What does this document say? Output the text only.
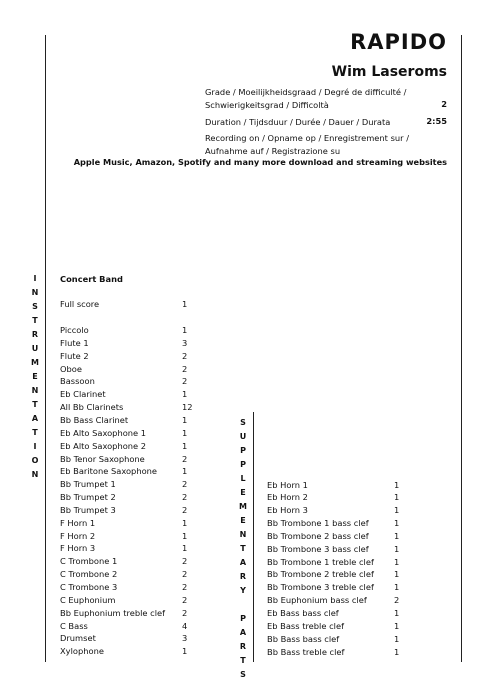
RAPIDO
Wim Laseroms
Grade / Moeilijkheidsgraad / Degré de difficulté /
Schwierigkeitsgrad / Difficoltà	2
Duration / Tijdsduur / Durée / Dauer / Durata	2:55
Recording on / Opname op / Enregistrement sur /
Aufnahme auf / Registrazione su
Apple Music, Amazon, Spotify and many more download and streaming websites
I
N
S
T
R
U
M
E
N
T
A
T
I
O
N
S
U
P
P
L
E
M
E
N
T
A
R
Y

P
A
R
T
S
Concert Band
Full score	1
Piccolo	1
Flute 1	3
Flute 2	2
Oboe	2
Bassoon	2
Eb Clarinet	1
All Bb Clarinets	12
Bb Bass Clarinet	1
Eb Alto Saxophone 1	1
Eb Alto Saxophone 2	1
Bb Tenor Saxophone	2
Eb Baritone Saxophone	1
Bb Trumpet 1	2
Bb Trumpet 2	2
Bb Trumpet 3	2
F Horn 1	1
F Horn 2	1
F Horn 3	1
C Trombone 1	2
C Trombone 2	2
C Trombone 3	2
C Euphonium	2
Bb Euphonium treble clef 2
C Bass	4
Drumset	3
Xylophone	1
Eb Horn 1	1
Eb Horn 2	1
Eb Horn 3	1
Bb Trombone 1 bass clef	1
Bb Trombone 2 bass clef	1
Bb Trombone 3 bass clef	1
Bb Trombone 1 treble clef 1
Bb Trombone 2 treble clef 1
Bb Trombone 3 treble clef 1
Bb Euphonium bass clef	2
Eb Bass bass clef	1
Eb Bass treble clef	1
Bb Bass bass clef	1
Bb Bass treble clef	1
